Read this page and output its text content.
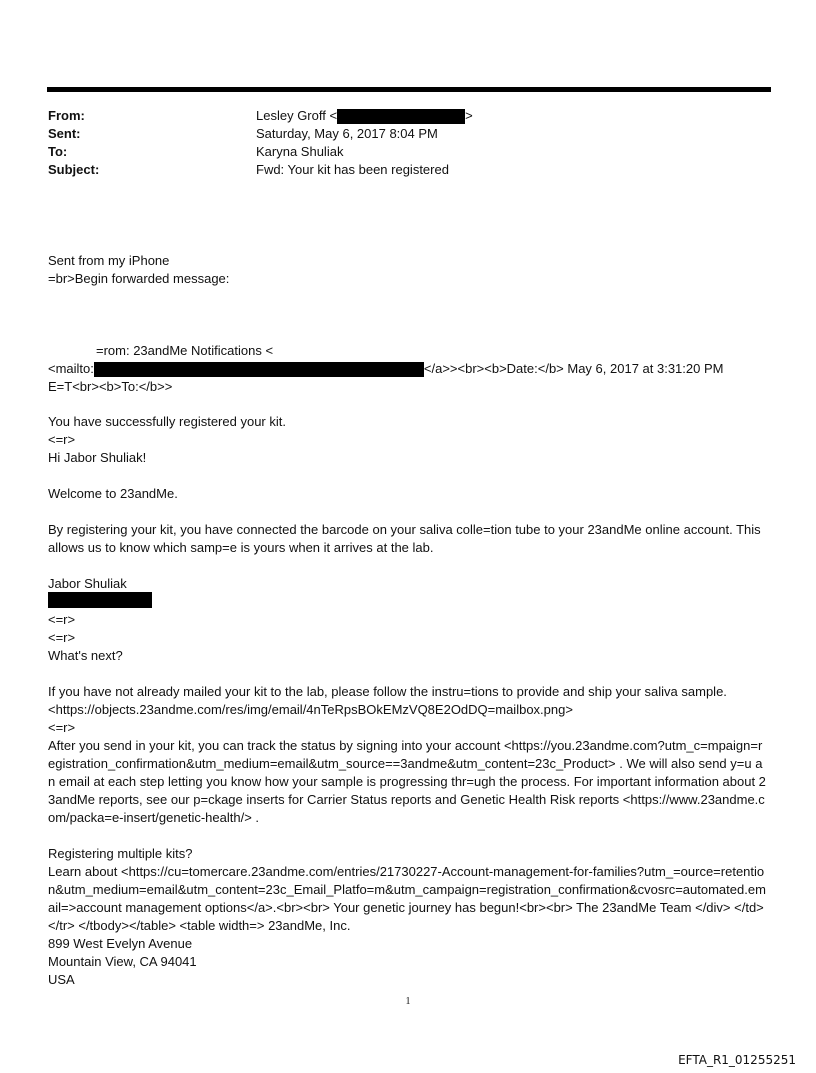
From:	Lesley Groff <	>
Sent:	Saturday, May 6, 2017 8:04 PM
To:	Karyna Shuliak
Subject:	Fwd: Your kit has been registered
Sent from my iPhone
=br>Begin forwarded message:
=rom: 23andMe Notifications <
<mailto:	</a>><br><b>Date:</b> May 6, 2017 at 3:31:20 PM
E=T<br><b>To:</b>>
You have successfully registered your kit.
<=r>
Hi Jabor Shuliak!
Welcome to 23andMe.
By registering your kit, you have connected the barcode on your saliva colle=tion tube to your 23andMe online account. This allows us to know which samp=e is yours when it arrives at the lab.
Jabor Shuliak
<=r>
<=r>
What's next?
If you have not already mailed your kit to the lab, please follow the instru=tions to provide and ship your saliva sample.
<https://objects.23andme.com/res/img/email/4nTeRpsBOkEMzVQ8E2OdDQ=mailbox.png>
<=r>
After you send in your kit, you can track the status by signing into your account <https://you.23andme.com?utm_c=mpaign=registration_confirmation&utm_medium=email&utm_source==3andme&utm_content=23c_Product> . We will also send y=u an email at each step letting you know how your sample is progressing thr=ugh the process. For important information about 23andMe reports, see our p=ckage inserts for Carrier Status reports and Genetic Health Risk reports <https://www.23andme.com/packa=e-insert/genetic-health/> .
Registering multiple kits?
Learn about <https://cu=tomercare.23andme.com/entries/21730227-Account-management-for-families?utm_=ource=retention&utm_medium=email&utm_content=23c_Email_Platfo=m&utm_campaign=registration_confirmation&cvosrc=automated.email=>account management options</a>.<br><br> Your genetic journey has begun!<br><br> The 23andMe Team </div> </td> </tr> </tbody></table> <table width=> 23andMe, Inc.
899 West Evelyn Avenue
Mountain View, CA 94041
USA
1
EFTA_R1_01255251
